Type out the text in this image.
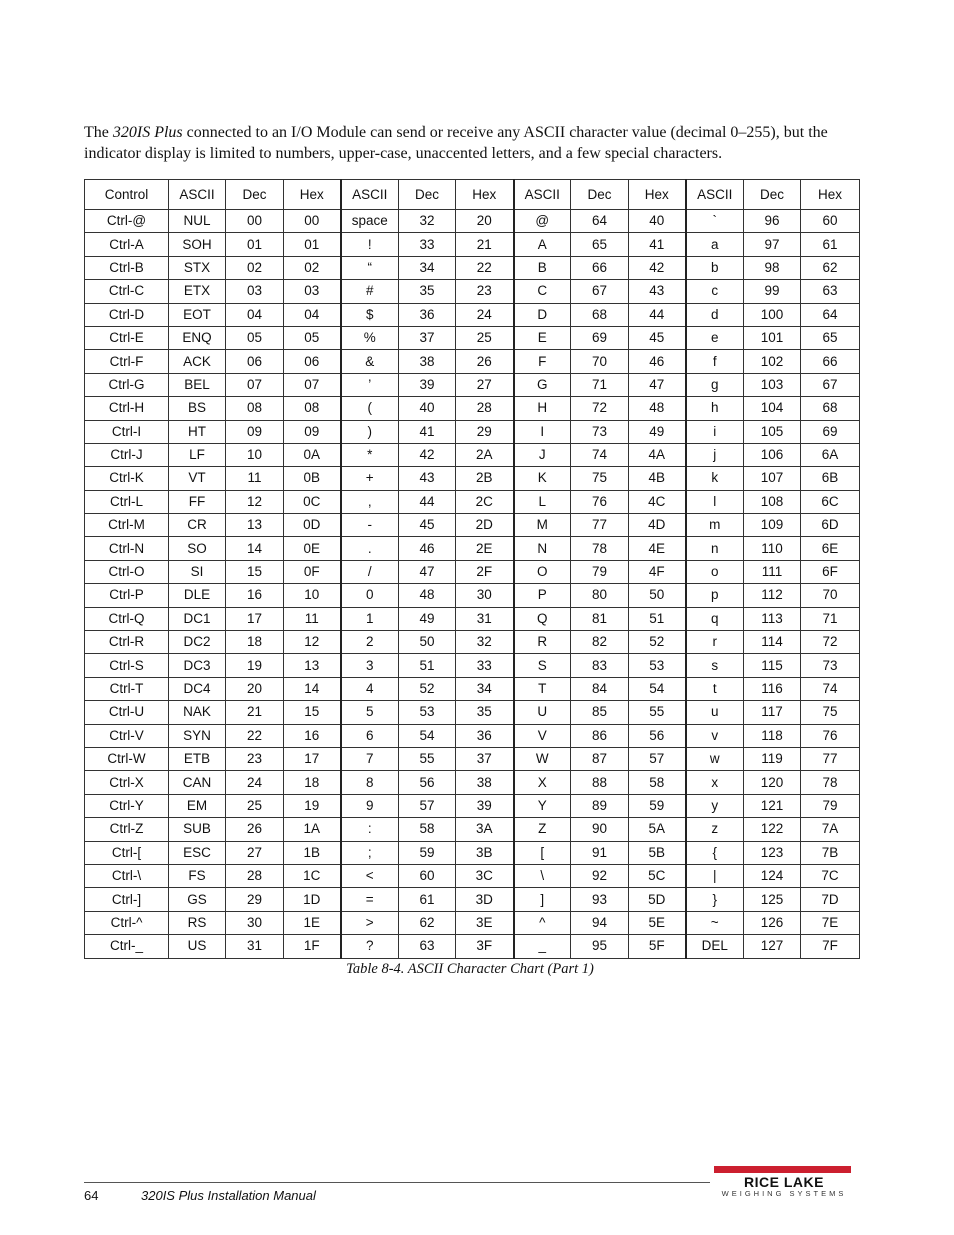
The 320IS Plus connected to an I/O Module can send or receive any ASCII character value (decimal 0–255), but the indicator display is limited to numbers, upper-case, unaccented letters, and a few special characters.

Control	ASCII	Dec	Hex	ASCII	Dec	Hex	ASCII	Dec	Hex	ASCII	Dec	Hex
Ctrl-@	NUL	00	00	space	32	20	@	64	40	`	96	60
Ctrl-A	SOH	01	01	!	33	21	A	65	41	a	97	61
Ctrl-B	STX	02	02	“	34	22	B	66	42	b	98	62
Ctrl-C	ETX	03	03	#	35	23	C	67	43	c	99	63
Ctrl-D	EOT	04	04	$	36	24	D	68	44	d	100	64
Ctrl-E	ENQ	05	05	%	37	25	E	69	45	e	101	65
Ctrl-F	ACK	06	06	&	38	26	F	70	46	f	102	66
Ctrl-G	BEL	07	07	’	39	27	G	71	47	g	103	67
Ctrl-H	BS	08	08	(	40	28	H	72	48	h	104	68
Ctrl-I	HT	09	09	)	41	29	I	73	49	i	105	69
Ctrl-J	LF	10	0A	*	42	2A	J	74	4A	j	106	6A
Ctrl-K	VT	11	0B	+	43	2B	K	75	4B	k	107	6B
Ctrl-L	FF	12	0C	,	44	2C	L	76	4C	l	108	6C
Ctrl-M	CR	13	0D	-	45	2D	M	77	4D	m	109	6D
Ctrl-N	SO	14	0E	.	46	2E	N	78	4E	n	110	6E
Ctrl-O	SI	15	0F	/	47	2F	O	79	4F	o	111	6F
Ctrl-P	DLE	16	10	0	48	30	P	80	50	p	112	70
Ctrl-Q	DC1	17	11	1	49	31	Q	81	51	q	113	71
Ctrl-R	DC2	18	12	2	50	32	R	82	52	r	114	72
Ctrl-S	DC3	19	13	3	51	33	S	83	53	s	115	73
Ctrl-T	DC4	20	14	4	52	34	T	84	54	t	116	74
Ctrl-U	NAK	21	15	5	53	35	U	85	55	u	117	75
Ctrl-V	SYN	22	16	6	54	36	V	86	56	v	118	76
Ctrl-W	ETB	23	17	7	55	37	W	87	57	w	119	77
Ctrl-X	CAN	24	18	8	56	38	X	88	58	x	120	78
Ctrl-Y	EM	25	19	9	57	39	Y	89	59	y	121	79
Ctrl-Z	SUB	26	1A	:	58	3A	Z	90	5A	z	122	7A
Ctrl-[	ESC	27	1B	;	59	3B	[	91	5B	{	123	7B
Ctrl-\	FS	28	1C	<	60	3C	\	92	5C	|	124	7C
Ctrl-]	GS	29	1D	=	61	3D	]	93	5D	}	125	7D
Ctrl-^	RS	30	1E	>	62	3E	^	94	5E	~	126	7E
Ctrl-_	US	31	1F	?	63	3F	_	95	5F	DEL	127	7F
Table 8-4. ASCII Character Chart (Part 1)
64	320IS Plus Installation Manual
RICE LAKE
WEIGHING SYSTEMS
